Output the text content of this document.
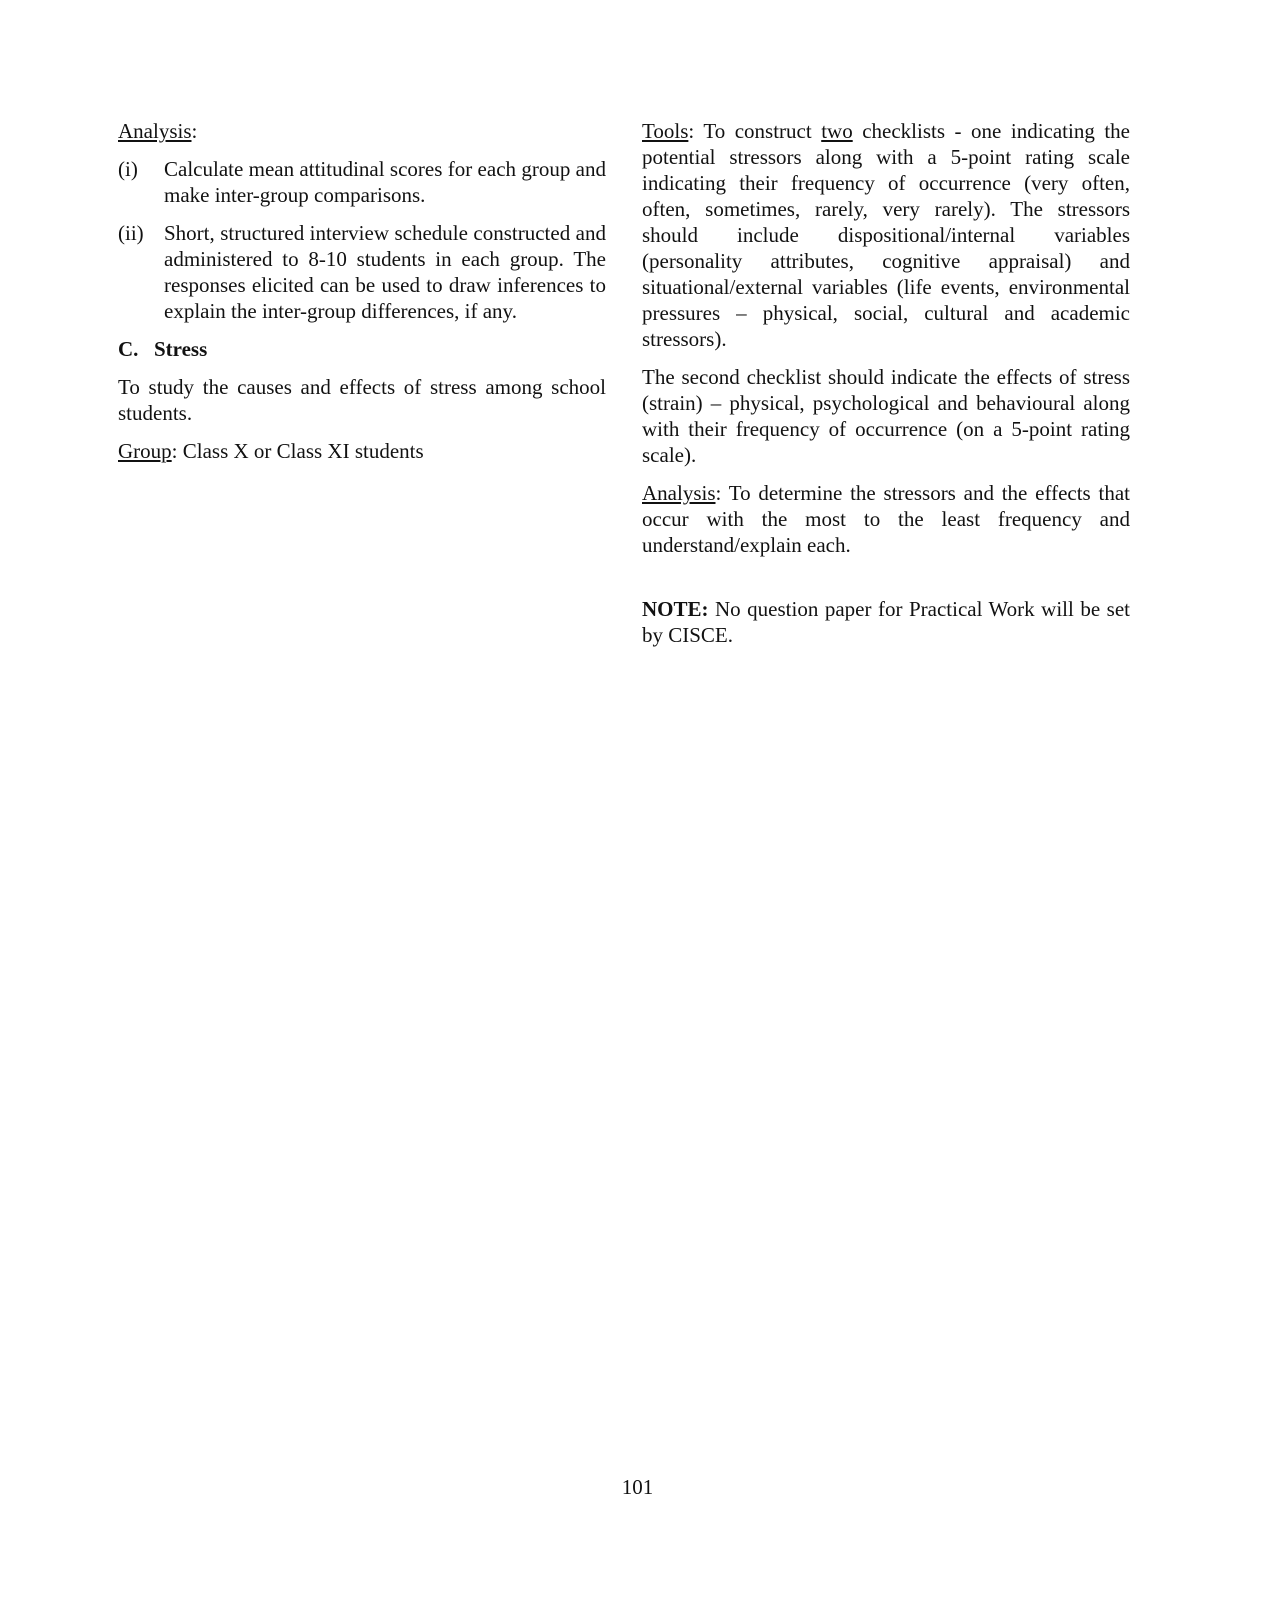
Analysis:

(i)	Calculate mean attitudinal scores for each group and make inter-group comparisons.
(ii) Short, structured interview schedule constructed and administered to 8-10 students in each group. The responses elicited can be used to draw inferences to explain the inter-group differences, if any.
C. Stress

To study the causes and effects of stress among school students.

Group: Class X or Class XI students

Tools: To construct two checklists - one indicating the potential stressors along with a 5-point rating scale indicating their frequency of occurrence (very often, often, sometimes, rarely, very rarely). The stressors should include dispositional/internal variables (personality attributes, cognitive appraisal) and situational/external variables (life events, environmental pressures – physical, social, cultural and academic stressors).

The second checklist should indicate the effects of stress (strain) – physical, psychological and behavioural along with their frequency of occurrence (on a 5-point rating scale).

Analysis: To determine the stressors and the effects that occur with the most to the least frequency and understand/explain each.

NOTE: No question paper for Practical Work will be set by CISCE.

101
